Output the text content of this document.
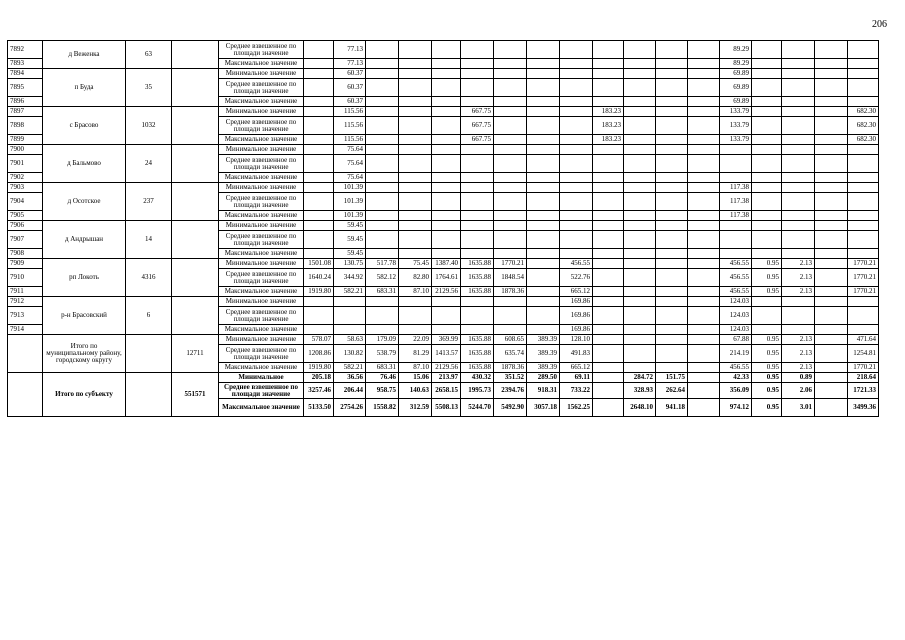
206
7892	д Веженка	63		Среднее взвешенное по площади значение		77.13												89.29				
7893				Максимальное значение		77.13												89.29				
7894	п Буда	35		Минимальное значение		60.37												69.89				
7895				Среднее взвешенное по площади значение		60.37												69.89				
7896				Максимальное значение		60.37												69.89				
7897	с Брасово	1032		Минимальное значение		115.56				667.75				183.23				133.79				682.30
7898				Среднее взвешенное по площади значение		115.56				667.75				183.23				133.79				682.30
7899				Максимальное значение		115.56				667.75				183.23				133.79				682.30
7900	д Бальмово	24		Минимальное значение		75.64																
7901				Среднее взвешенное по площади значение		75.64																
7902				Максимальное значение		75.64																
7903	д Осотское	237		Минимальное значение		101.39												117.38				
7904				Среднее взвешенное по площади значение		101.39												117.38				
7905				Максимальное значение		101.39												117.38				
7906	д Андрышан	14		Минимальное значение		59.45																
7907				Среднее взвешенное по площади значение		59.45																
7908				Максимальное значение		59.45																
7909	рп Локоть	4316		Минимальное значение	1501.08	130.75	517.78	75.45	1387.40	1635.88	1770.21		456.55					456.55	0.95	2.13		1770.21
7910				Среднее взвешенное по площади значение	1640.24	344.92	582.12	82.80	1764.61	1635.88	1848.54		522.76					456.55	0.95	2.13		1770.21
7911				Максимальное значение	1919.80	582.21	683.31	87.10	2129.56	1635.88	1878.36		665.12					456.55	0.95	2.13		1770.21
7912	р-н Брасовский	6		Минимальное значение									169.86					124.03				
7913				Среднее взвешенное по площади значение									169.86					124.03				
7914				Максимальное значение									169.86					124.03				
	Итого по муниципальному району, городскому округу		12711	Минимальное значение	578.07	58.63	179.09	22.09	369.99	1635.88	608.65	389.39	128.10					67.88	0.95	2.13		471.64
				Среднее взвешенное по площади значение	1208.86	130.82	538.79	81.29	1413.57	1635.88	635.74	389.39	491.83					214.19	0.95	2.13		1254.81
				Максимальное значение	1919.80	582.21	683.31	87.10	2129.56	1635.88	1878.36	389.39	665.12					456.55	0.95	2.13		1770.21
	Итого по субъекту		551571	Минимальное	205.18	36.56	76.46	15.06	213.97	430.32	351.52	289.50	69.11		284.72	151.75		42.33	0.95	0.89		218.64
				Среднее взвешенное по площади значение	3257.46	206.44	958.75	140.63	2658.15	1995.73	2394.76	918.31	733.22		328.93	262.64		356.09	0.95	2.06		1721.33
				Максимальное значение	5133.50	2754.26	1558.82	312.59	5508.13	5244.70	5492.90	3057.18	1562.25		2648.10	941.18		974.12	0.95	3.01		3499.36
